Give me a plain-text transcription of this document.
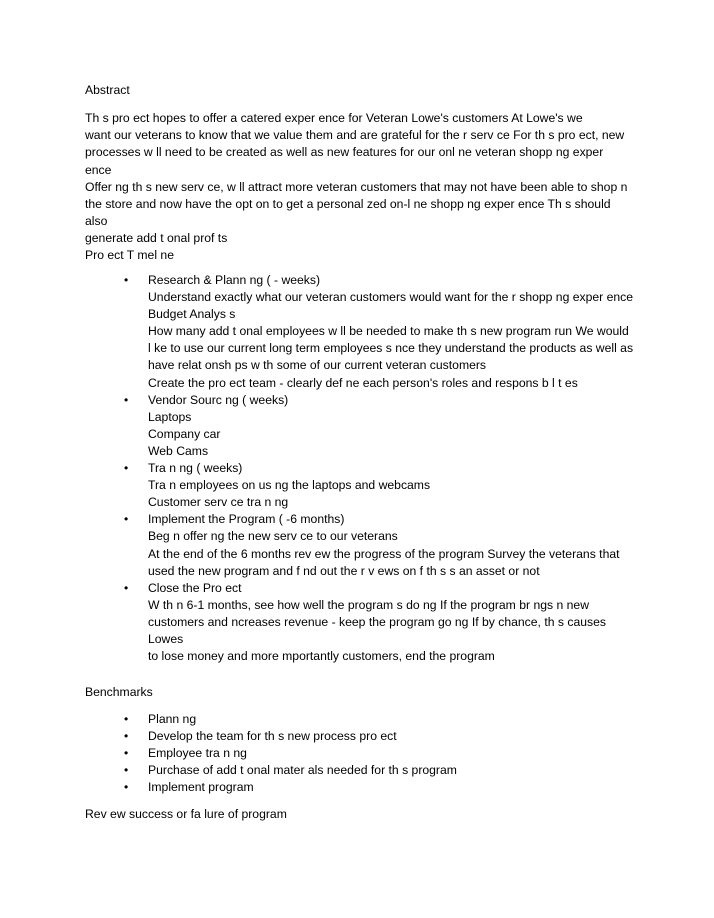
Abstract
Th s pro ect hopes to offer a catered exper ence for Veteran Lowe's customers At Lowe's we
want our veterans to know that we value them and are grateful for the r serv ce For th s pro ect, new
processes w ll need to be created as well as new features for our onl ne veteran shopp ng exper ence
Offer ng th s new serv ce, w ll attract more veteran customers that may not have been able to shop n
the store and now have the opt on to get a personal zed on-l ne shopp ng exper ence Th s should also
generate add t onal prof ts
Pro ect T mel ne
•	Research & Plann ng ( - weeks)
Understand exactly what our veteran customers would want for the r shopp ng exper ence
Budget Analys s
How many add t onal employees w ll be needed to make th s new program run We would
l ke to use our current long term employees s nce they understand the products as well as
have relat onsh ps w th some of our current veteran customers
Create the pro ect team - clearly def ne each person's roles and respons b l t es
•	Vendor Sourc ng ( weeks)
Laptops
Company car
Web Cams
•	Tra n ng ( weeks)
Tra n employees on us ng the laptops and webcams
Customer serv ce tra n ng
•	Implement the Program ( -6 months)
Beg n offer ng the new serv ce to our veterans
At the end of the 6 months rev ew the progress of the program Survey the veterans that
used the new program and f nd out the r v ews on f th s s an asset or not
•	Close the Pro ect
W th n 6-1 months, see how well the program s do ng If the program br ngs n new
customers and ncreases revenue - keep the program go ng If by chance, th s causes Lowes
to lose money and more mportantly customers, end the program
Benchmarks
•	Plann ng
•	Develop the team for th s new process pro ect
•	Employee tra n ng
•	Purchase of add t onal mater als needed for th s program
•	Implement program
Rev ew success or fa lure of program
